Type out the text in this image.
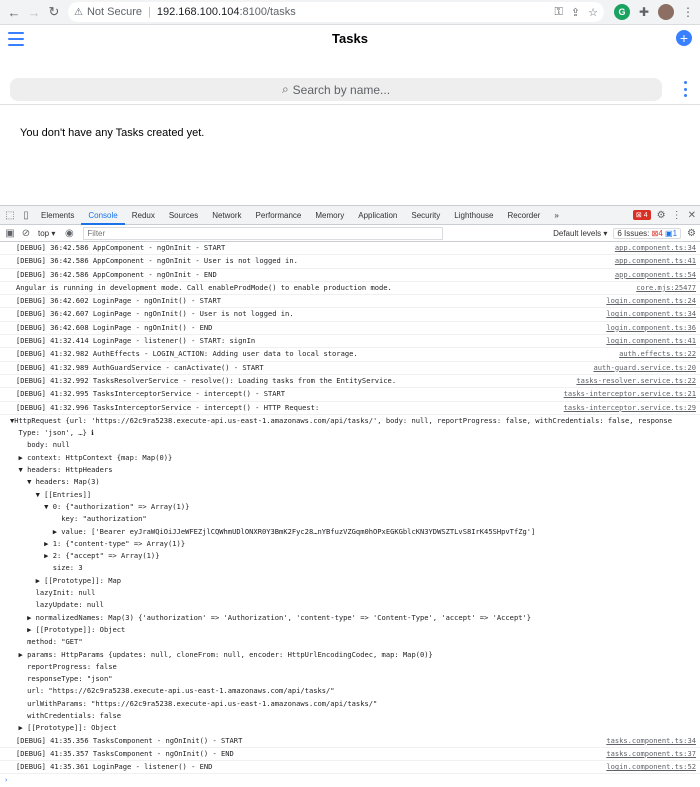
← → ↻	⚠ Not Secure | 192.168.100.104 :8100/tasks	⚿ ⇪ ☆	G	✚	⋮
Tasks	+
⌕ Search by name...
You don't have any Tasks created yet.
⬚ ▯	Elements	Console	Redux	Sources	Network	Performance	Memory	Application	Security	Lighthouse	Recorder	»	⊠ 4 ⚙ ⋮ ✕
▣ ⊘ top ▾ ◉
Filter	Default levels ▾	6 Issues: ⊠4 ▣1	⚙
[DEBUG] 36:42.586 AppComponent - ngOnInit - START	app.component.ts:34
[DEBUG] 36:42.586 AppComponent - ngOnInit - User is not logged in.	app.component.ts:41
[DEBUG] 36:42.586 AppComponent - ngOnInit - END	app.component.ts:54
Angular is running in development mode. Call enableProdMode() to enable production mode.	core.mjs:25477
[DEBUG] 36:42.602 LoginPage - ngOnInit() - START	login.component.ts:24
[DEBUG] 36:42.607 LoginPage - ngOnInit() - User is not logged in.	login.component.ts:34
[DEBUG] 36:42.608 LoginPage - ngOnInit() - END	login.component.ts:36
[DEBUG] 41:32.414 LoginPage - listener() - START: signIn	login.component.ts:41
[DEBUG] 41:32.982 AuthEffects - LOGIN_ACTION: Adding user data to local storage.	auth.effects.ts:22
[DEBUG] 41:32.989 AuthGuardService - canActivate() - START	auth-guard.service.ts:20
[DEBUG] 41:32.992 TasksResolverService - resolve(): Loading tasks from the EntityService.	tasks-resolver.service.ts:22
[DEBUG] 41:32.995 TasksInterceptorService - intercept() - START	tasks-interceptor.service.ts:21
[DEBUG] 41:32.996 TasksInterceptorService - intercept() - HTTP Request:	tasks-interceptor.service.ts:29
▼HttpRequest {url: 'https://62c9ra5238.execute-api.us-east-1.amazonaws.com/api/tasks/', body: null, reportProgress: false, withCredentials: false, response
Type: 'json', …} ℹ
body: null
▶ context: HttpContext {map: Map(0)}
▼ headers: HttpHeaders
▼ headers: Map(3)
▼ [[Entries]]
▼ 0: {"authorization" => Array(1)}
key: "authorization"
▶ value: ['Bearer eyJraWQiOiJJeWFEZjlCQWhmUDlONXR0Y3BmK2Fyc28…nYBfuzVZGqm0hOPxEGKGblcKN3YDWSZTLvS8IrK45SHpvTfZg']
▶ 1: {"content-type" => Array(1)}
▶ 2: {"accept" => Array(1)}
size: 3
▶ [[Prototype]]: Map
lazyInit: null
lazyUpdate: null
▶ normalizedNames: Map(3) {'authorization' => 'Authorization', 'content-type' => 'Content-Type', 'accept' => 'Accept'}
▶ [[Prototype]]: Object
method: "GET"
▶ params: HttpParams {updates: null, cloneFrom: null, encoder: HttpUrlEncodingCodec, map: Map(0)}
reportProgress: false
responseType: "json"
url: "https://62c9ra5238.execute-api.us-east-1.amazonaws.com/api/tasks/"
urlWithParams: "https://62c9ra5238.execute-api.us-east-1.amazonaws.com/api/tasks/"
withCredentials: false
▶ [[Prototype]]: Object
[DEBUG] 41:35.356 TasksComponent - ngOnInit() - START	tasks.component.ts:34
[DEBUG] 41:35.357 TasksComponent - ngOnInit() - END	tasks.component.ts:37
[DEBUG] 41:35.361 LoginPage - listener() - END	login.component.ts:52
›
